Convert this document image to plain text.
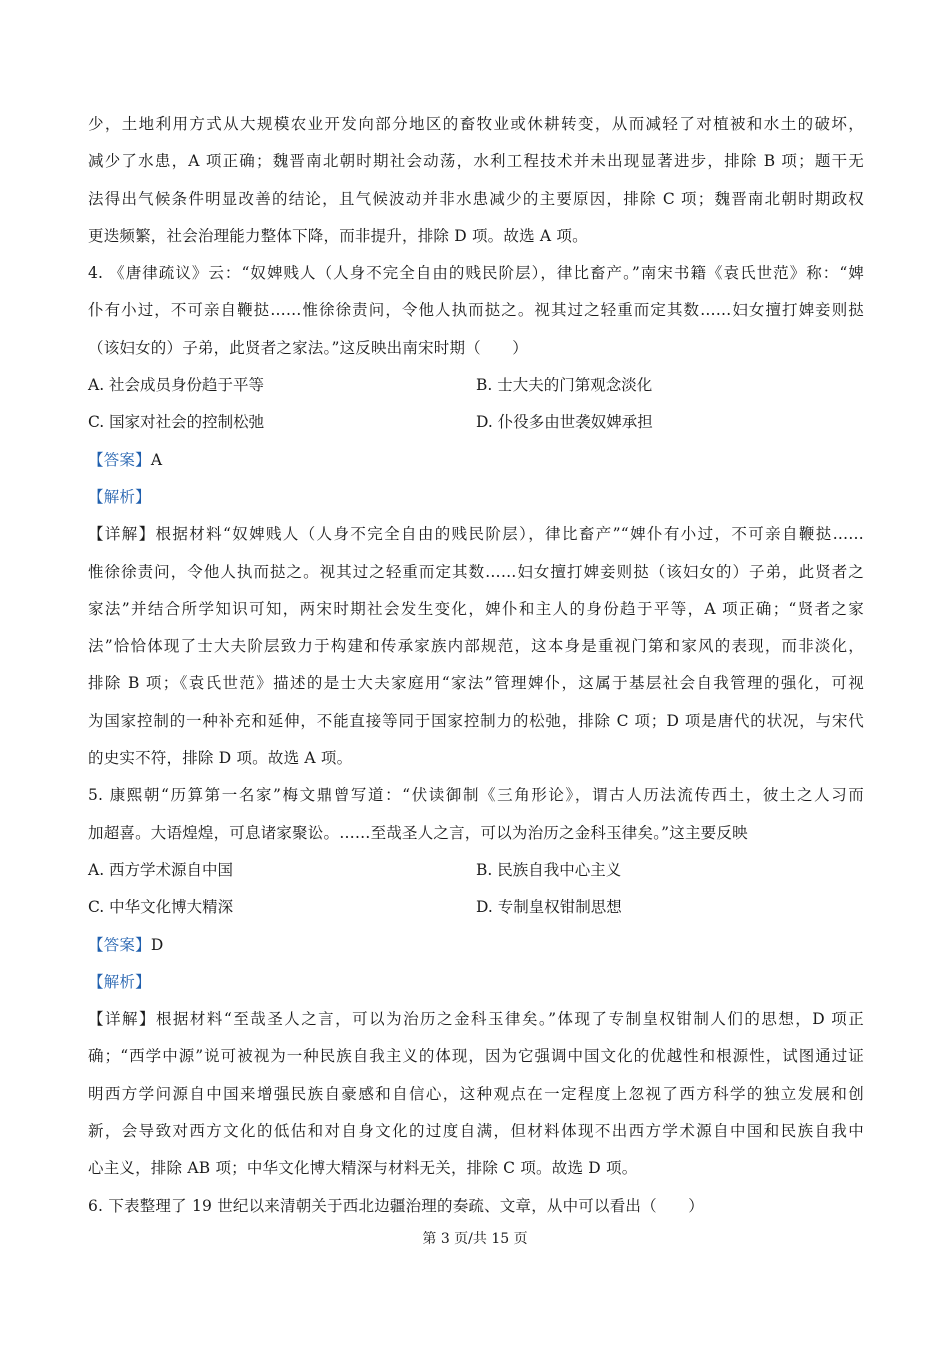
少，土地利用方式从大规模农业开发向部分地区的畜牧业或休耕转变，从而减轻了对植被和水土的破坏，
减少了水患，A 项正确；魏晋南北朝时期社会动荡，水利工程技术并未出现显著进步，排除 B 项；题干无
法得出气候条件明显改善的结论，且气候波动并非水患减少的主要原因，排除 C 项；魏晋南北朝时期政权
更迭频繁，社会治理能力整体下降，而非提升，排除 D 项。故选 A 项。
4. 《唐律疏议》云：“奴婢贱人（人身不完全自由的贱民阶层），律比畜产。”南宋书籍《袁氏世范》称：“婢
仆有小过，不可亲自鞭挞……惟徐徐责问，令他人执而挞之。视其过之轻重而定其数……妇女擅打婢妾则挞
（该妇女的）子弟，此贤者之家法。”这反映出南宋时期（　　）
A. 社会成员身份趋于平等	B. 士大夫的门第观念淡化
C. 国家对社会的控制松弛	D. 仆役多由世袭奴婢承担
【答案】A
【解析】
【详解】根据材料“奴婢贱人（人身不完全自由的贱民阶层），律比畜产”“婢仆有小过，不可亲自鞭挞……
惟徐徐责问，令他人执而挞之。视其过之轻重而定其数……妇女擅打婢妾则挞（该妇女的）子弟，此贤者之
家法”并结合所学知识可知，两宋时期社会发生变化，婢仆和主人的身份趋于平等，A 项正确；“贤者之家
法”恰恰体现了士大夫阶层致力于构建和传承家族内部规范，这本身是重视门第和家风的表现，而非淡化，
排除 B 项；《袁氏世范》描述的是士大夫家庭用“家法”管理婢仆，这属于基层社会自我管理的强化，可视
为国家控制的一种补充和延伸，不能直接等同于国家控制力的松弛，排除 C 项；D 项是唐代的状况，与宋代
的史实不符，排除 D 项。故选 A 项。
5. 康熙朝“历算第一名家”梅文鼎曾写道：“伏读御制《三角形论》，谓古人历法流传西土，彼土之人习而
加超喜。大语煌煌，可息诸家聚讼。……至哉圣人之言，可以为治历之金科玉律矣。”这主要反映
A. 西方学术源自中国	B. 民族自我中心主义
C. 中华文化博大精深	D. 专制皇权钳制思想
【答案】D
【解析】
【详解】根据材料“至哉圣人之言，可以为治历之金科玉律矣。”体现了专制皇权钳制人们的思想，D 项正
确；“西学中源”说可被视为一种民族自我主义的体现，因为它强调中国文化的优越性和根源性，试图通过证
明西方学问源自中国来增强民族自豪感和自信心，这种观点在一定程度上忽视了西方科学的独立发展和创
新，会导致对西方文化的低估和对自身文化的过度自满，但材料体现不出西方学术源自中国和民族自我中
心主义，排除 AB 项；中华文化博大精深与材料无关，排除 C 项。故选 D 项。
6. 下表整理了 19 世纪以来清朝关于西北边疆治理的奏疏、文章，从中可以看出（　　）
第 3 页/共 15 页
